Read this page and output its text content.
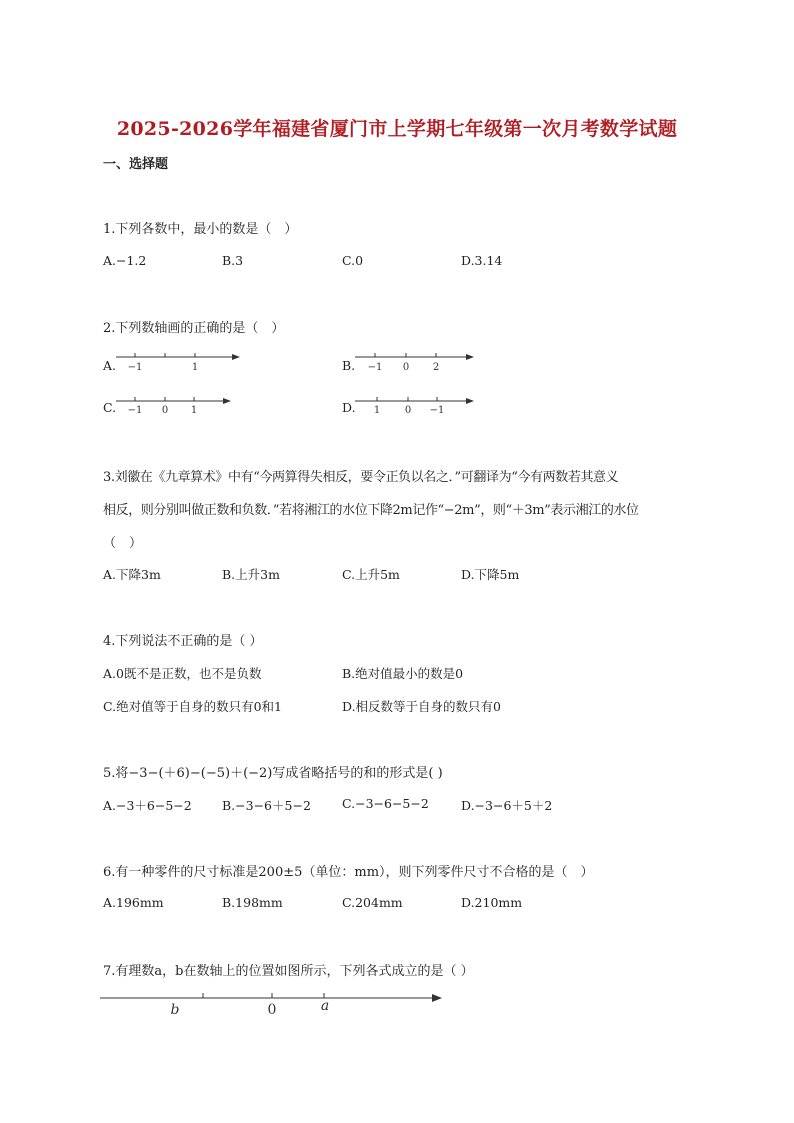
2025-2026学年福建省厦门市上学期七年级第一次月考数学试题
一、选择题
1.下列各数中，最小的数是（　）
A.−1.2	B.3	C.0	D.3.14
2.下列数轴画的正确的是（　）
A. −1	1	B. −1 0 2
C. −1 0 1	D. 1 0 −1
3.刘徽在《九章算术》中有“今两算得失相反，要令正负以名之．”可翻译为“今有两数若其意义
相反，则分别叫做正数和负数．”若将湘江的水位下降2m记作“−2m”，则“＋3m”表示湘江的水位
（　）
A.下降3m	B.上升3m	C.上升5m	D.下降5m
4.下列说法不正确的是（ ）
A.0既不是正数，也不是负数	B.绝对值最小的数是0
C.绝对值等于自身的数只有0和1	D.相反数等于自身的数只有0
5.将−3−(＋6)−(−5)＋(−2)写成省略括号的和的形式是( )
A.−3＋6−5−2 B.−3−6＋5−2 C.−3−6−5−2	D.−3−6＋5＋2
6.有一种零件的尺寸标准是200±5（单位：mm），则下列零件尺寸不合格的是（　）
A.196mm	B.198mm	C.204mm	D.210mm
7.有理数a，b在数轴上的位置如图所示，下列各式成立的是（ ）
b	0	a
